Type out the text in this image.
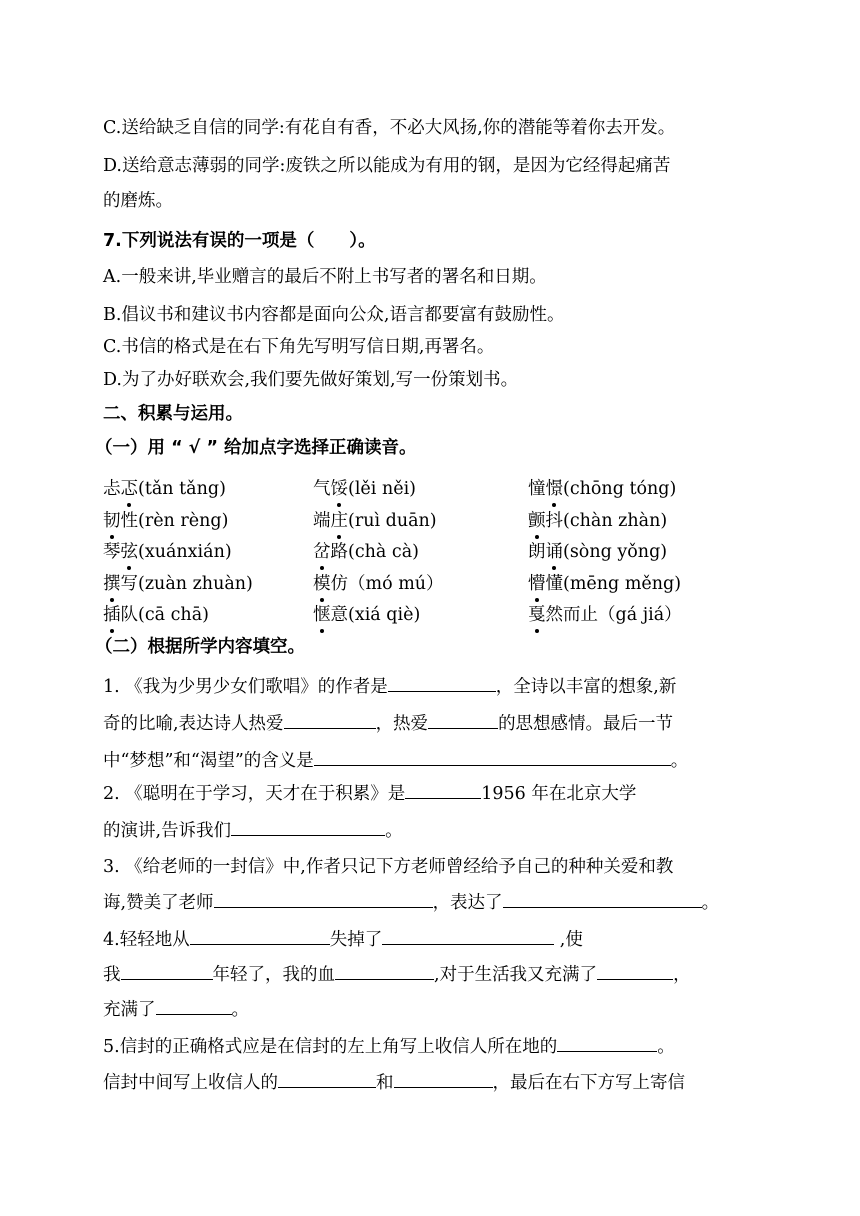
C.送给缺乏自信的同学:有花自有香，不必大风扬,你的潜能等着你去开发。
D.送给意志薄弱的同学:废铁之所以能成为有用的钢，是因为它经得起痛苦
的磨炼。
7.下列说法有误的一项是（　　）。
A.一般来讲,毕业赠言的最后不附上书写者的署名和日期。
B.倡议书和建议书内容都是面向公众,语言都要富有鼓励性。
C.书信的格式是在右下角先写明写信日期,再署名。
D.为了办好联欢会,我们要先做好策划,写一份策划书。
二、积累与运用。
（一）用 “ √ ” 给加点字选择正确读音。
忐忑(tǎn tǎng)	气馁(lěi něi)	憧憬(chōng tóng)
韧性(rèn rèng)	端庄(ruì duān)	颤抖(chàn zhàn)
琴弦(xuánxián)	岔路(chà cà)	朗诵(sòng yǒng)
撰写(zuàn zhuàn)	模仿（mó mú）	懵懂(mēng měng)
插队(cā chā)	惬意(xiá qiè)	戛然而止（gá jiá）
（二）根据所学内容填空。
1. 《我为少男少女们歌唱》的作者是	，全诗以丰富的想象,新
奇的比喻,表达诗人热爱	，热爱	的思想感情。最后一节
中“梦想”和“渴望”的含义是	。
2. 《聪明在于学习，天才在于积累》是	1956 年在北京大学
的演讲,告诉我们	。
3. 《给老师的一封信》中,作者只记下方老师曾经给予自己的种种关爱和教
诲,赞美了老师	，表达了	。
4.轻轻地从	失掉了	,使
我	年轻了，我的血	,对于生活我又充满了	，
充满了	。
5.信封的正确格式应是在信封的左上角写上收信人所在地的	。
信封中间写上收信人的	和	，最后在右下方写上寄信
